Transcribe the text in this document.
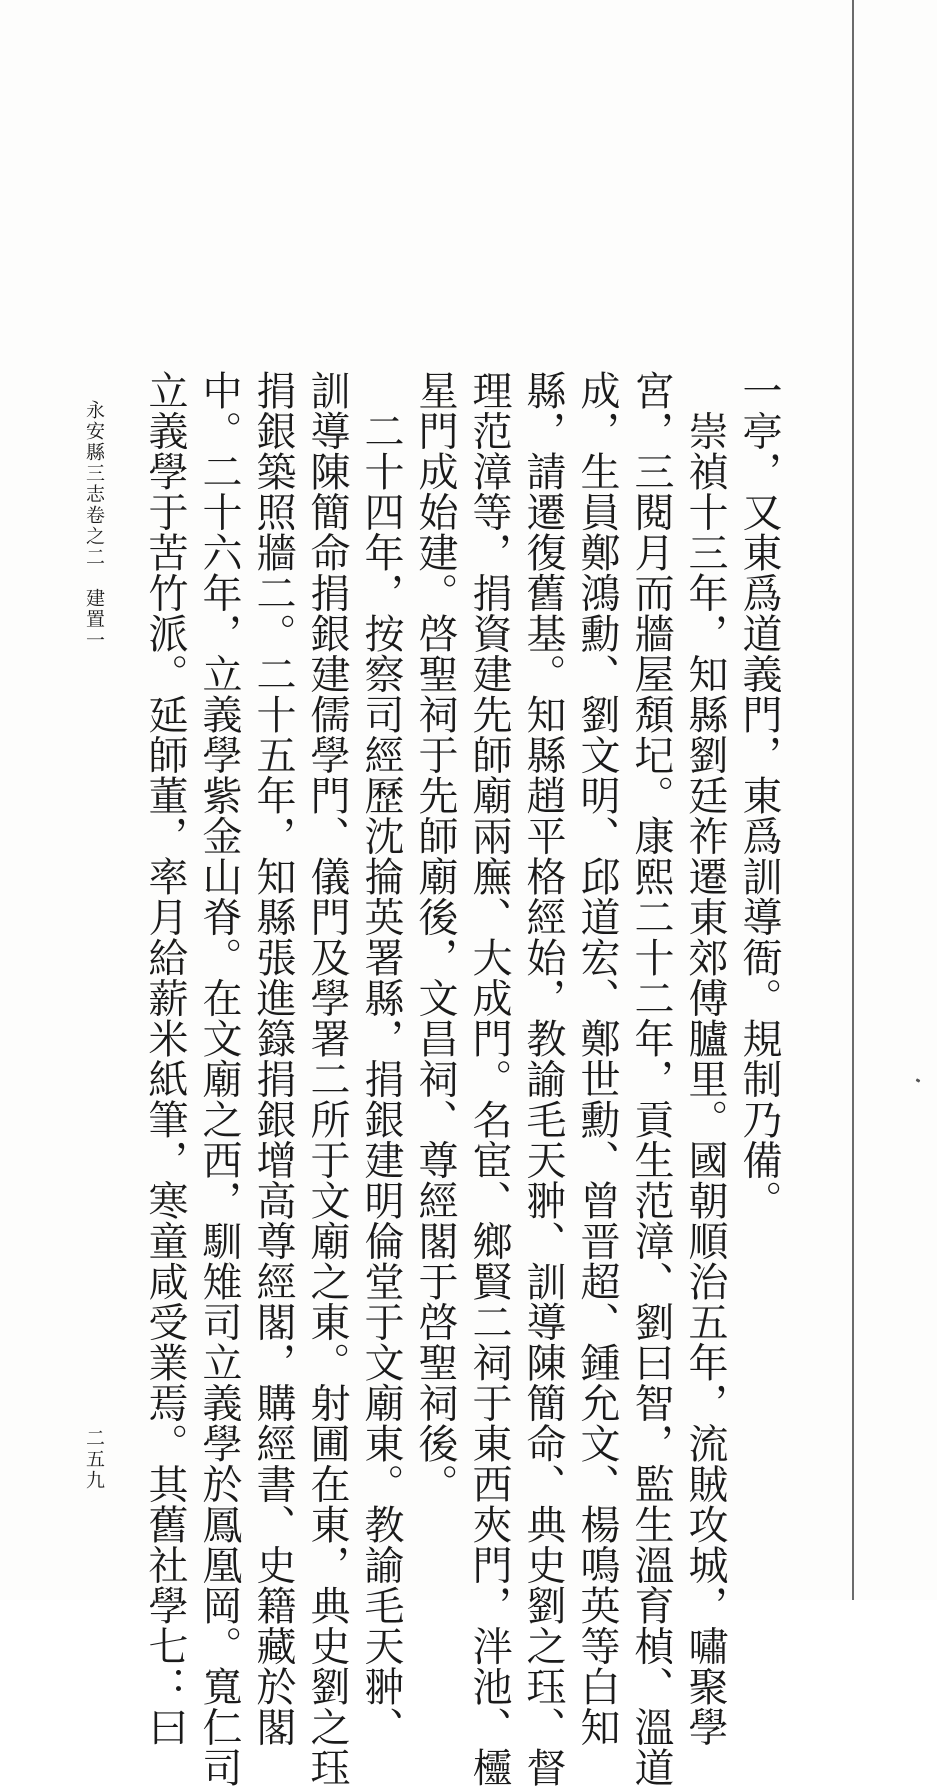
一亭，又東爲道義門，東爲訓導衙。規制乃備。
　崇禎十三年，知縣劉廷祚遷東郊傅臚里。國朝順治五年，流賊攻城，嘯聚學
宮，三閱月而牆屋頽圮。康熙二十二年，貢生范漳、劉曰智，監生溫育楨、溫道
成，生員鄭鴻勳、劉文明、邱道宏、鄭世勳、曾晋超、鍾允文、楊鳴英等白知
縣，請遷復舊基。知縣趙平格經始，教諭毛天翀、訓導陳簡命、典史劉之珏、督
理范漳等，捐資建先師廟兩廡、大成門。名宦、鄉賢二祠于東西夾門，泮池、欞
星門成始建。啓聖祠于先師廟後，文昌祠、尊經閣于啓聖祠後。
　二十四年，按察司經歷沈掄英署縣，捐銀建明倫堂于文廟東。教諭毛天翀、
訓導陳簡命捐銀建儒學門、儀門及學署二所于文廟之東。射圃在東，典史劉之珏
捐銀築照牆二。二十五年，知縣張進籙捐銀增高尊經閣，購經書、史籍藏於閣
中。二十六年，立義學紫金山脊。在文廟之西，馴雉司立義學於鳳凰岡。寬仁司
立義學于苦竹派。延師董，率月給薪米紙筆，寒童咸受業焉。其舊社學七：曰
永安縣三志卷之二
建置一
二五九
